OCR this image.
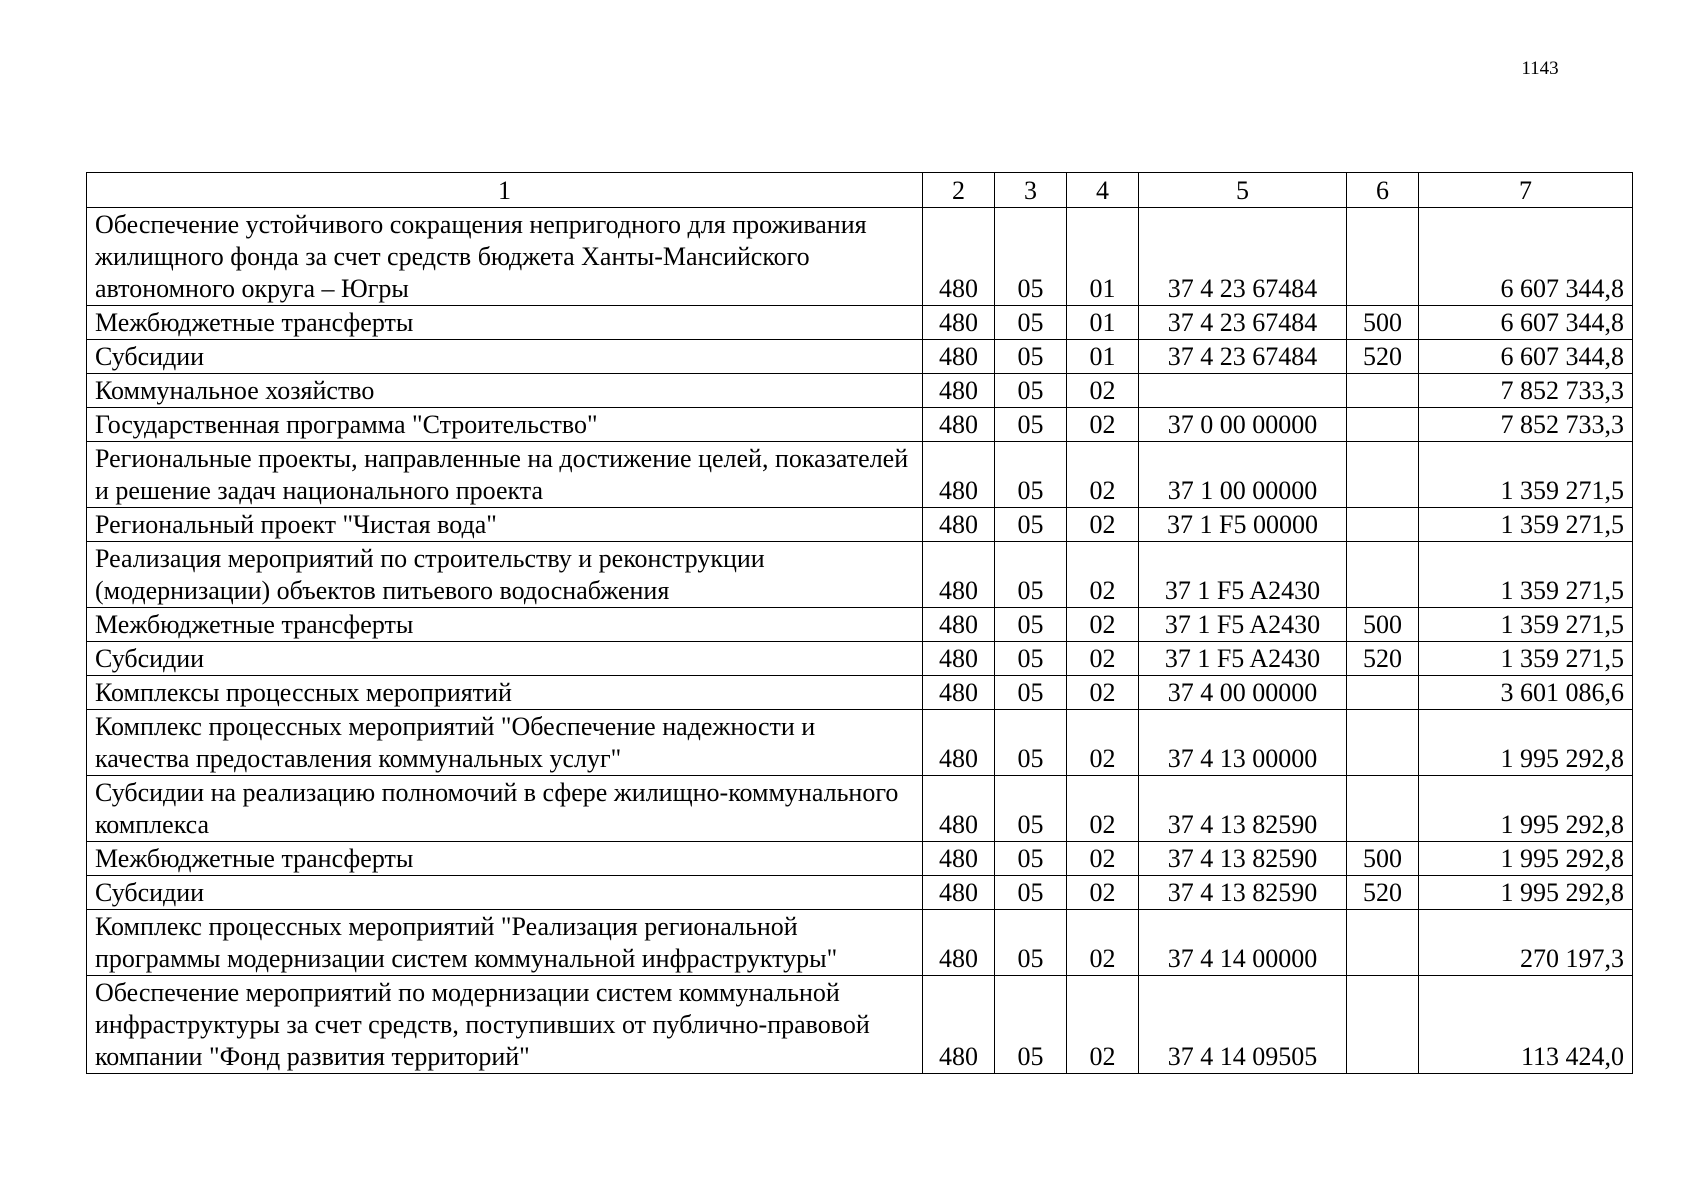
1143
1	2	3	4	5	6	7
Обеспечение устойчивого сокращения непригодного для проживания жилищного фонда за счет средств бюджета Ханты-Мансийского автономного округа – Югры	480	05	01	37 4 23 67484		6 607 344,8
Межбюджетные трансферты	480	05	01	37 4 23 67484	500	6 607 344,8
Субсидии	480	05	01	37 4 23 67484	520	6 607 344,8
Коммунальное хозяйство	480	05	02			7 852 733,3
Государственная программа "Строительство"	480	05	02	37 0 00 00000		7 852 733,3
Региональные проекты, направленные на достижение целей, показателей и решение задач национального проекта	480	05	02	37 1 00 00000		1 359 271,5
Региональный проект "Чистая вода"	480	05	02	37 1 F5 00000		1 359 271,5
Реализация мероприятий по строительству и реконструкции (модернизации) объектов питьевого водоснабжения	480	05	02	37 1 F5 A2430		1 359 271,5
Межбюджетные трансферты	480	05	02	37 1 F5 A2430	500	1 359 271,5
Субсидии	480	05	02	37 1 F5 A2430	520	1 359 271,5
Комплексы процессных мероприятий	480	05	02	37 4 00 00000		3 601 086,6
Комплекс процессных мероприятий "Обеспечение надежности и качества предоставления коммунальных услуг"	480	05	02	37 4 13 00000		1 995 292,8
Субсидии на реализацию полномочий в сфере жилищно-коммунального комплекса	480	05	02	37 4 13 82590		1 995 292,8
Межбюджетные трансферты	480	05	02	37 4 13 82590	500	1 995 292,8
Субсидии	480	05	02	37 4 13 82590	520	1 995 292,8
Комплекс процессных мероприятий "Реализация региональной программы модернизации систем коммунальной инфраструктуры"	480	05	02	37 4 14 00000		270 197,3
Обеспечение мероприятий по модернизации систем коммунальной инфраструктуры за счет средств, поступивших от публично-правовой компании "Фонд развития территорий"	480	05	02	37 4 14 09505		113 424,0
